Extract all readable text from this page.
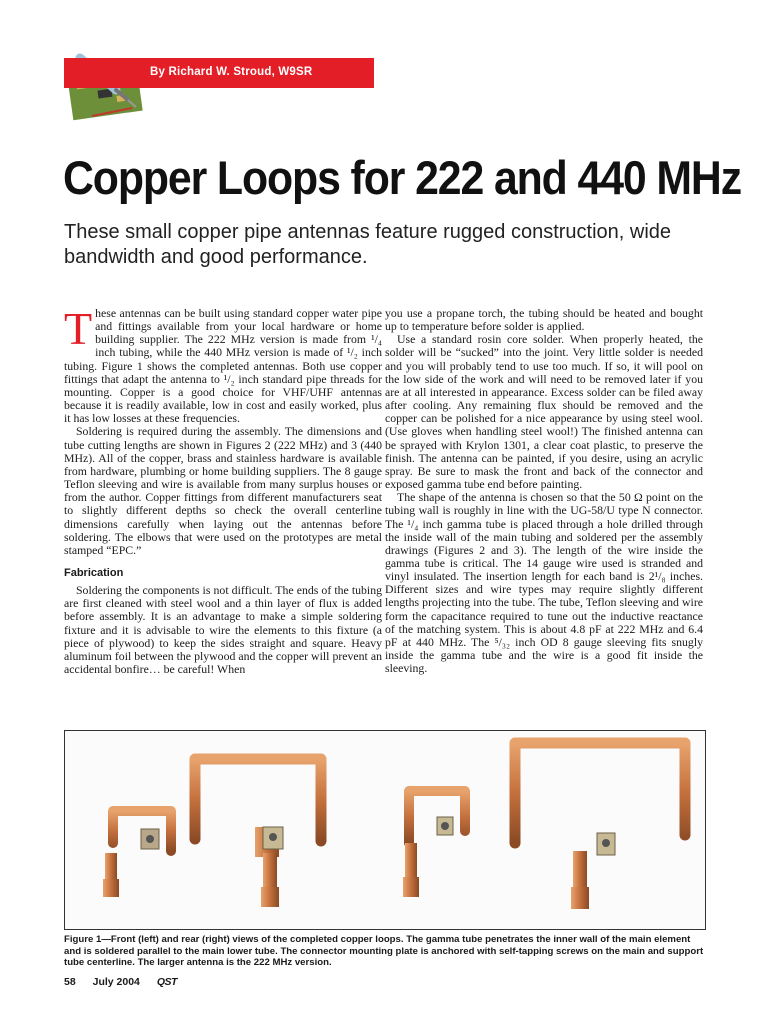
By Richard W. Stroud, W9SR
Copper Loops for 222 and 440 MHz

These small copper pipe antennas feature rugged construction, wide bandwidth and good performance.

These antennas can be built using standard copper water pipe and fittings available from your local hardware or home building supplier. The 222 MHz version is made from ¹/₄ inch tubing, while the 440 MHz version is made of ¹/₂ inch tubing. Figure 1 shows the completed antennas. Both use copper fittings that adapt the antenna to ¹/₂ inch standard pipe threads for mounting. Copper is a good choice for VHF/UHF antennas because it is readily available, low in cost and easily worked, plus it has low losses at these frequencies.

Soldering is required during the assembly. The dimensions and tube cutting lengths are shown in Figures 2 (222 MHz) and 3 (440 MHz). All of the copper, brass and stainless hardware is available from hardware, plumbing or home building suppliers. The 8 gauge Teflon sleeving and wire is available from many surplus houses or from the author. Copper fittings from different manufacturers seat to slightly different depths so check the overall centerline dimensions carefully when laying out the antennas before soldering. The elbows that were used on the prototypes are metal stamped “EPC.”

Fabrication

Soldering the components is not difficult. The ends of the tubing are first cleaned with steel wool and a thin layer of flux is added before assembly. It is an advantage to make a simple soldering fixture and it is advisable to wire the elements to this fixture (a piece of plywood) to keep the sides straight and square. Heavy aluminum foil between the plywood and the copper will prevent an accidental bonfire… be careful! When

you use a propane torch, the tubing should be heated and bought up to temperature before solder is applied.

Use a standard rosin core solder. When properly heated, the solder will be “sucked” into the joint. Very little solder is needed and you will probably tend to use too much. If so, it will pool on the low side of the work and will need to be removed later if you are at all interested in appearance. Excess solder can be filed away after cooling. Any remaining flux should be removed and the copper can be polished for a nice appearance by using steel wool. (Use gloves when handling steel wool!) The finished antenna can be sprayed with Krylon 1301, a clear coat plastic, to preserve the finish. The antenna can be painted, if you desire, using an acrylic spray. Be sure to mask the front and back of the connector and exposed gamma tube end before painting.

The shape of the antenna is chosen so that the 50 Ω point on the tubing wall is roughly in line with the UG-58/U type N connector. The ¹/₄ inch gamma tube is placed through a hole drilled through the inside wall of the main tubing and soldered per the assembly drawings (Figures 2 and 3). The length of the wire inside the gamma tube is critical. The 14 gauge wire used is stranded and vinyl insulated. The insertion length for each band is 2¹/₈ inches. Different sizes and wire types may require slightly different lengths projecting into the tube. The tube, Teflon sleeving and wire form the capacitance required to tune out the inductive reactance of the matching system. This is about 4.8 pF at 222 MHz and 6.4 pF at 440 MHz. The ⁵/₃₂ inch OD 8 gauge sleeving fits snugly inside the gamma tube and the wire is a good fit inside the sleeving.

Figure 1—Front (left) and rear (right) views of the completed copper loops. The gamma tube penetrates the inner wall of the main element and is soldered parallel to the main lower tube. The connector mounting plate is anchored with self-tapping screws on the main and support tube centerline. The larger antenna is the 222 MHz version.

58 July 2004 QST
